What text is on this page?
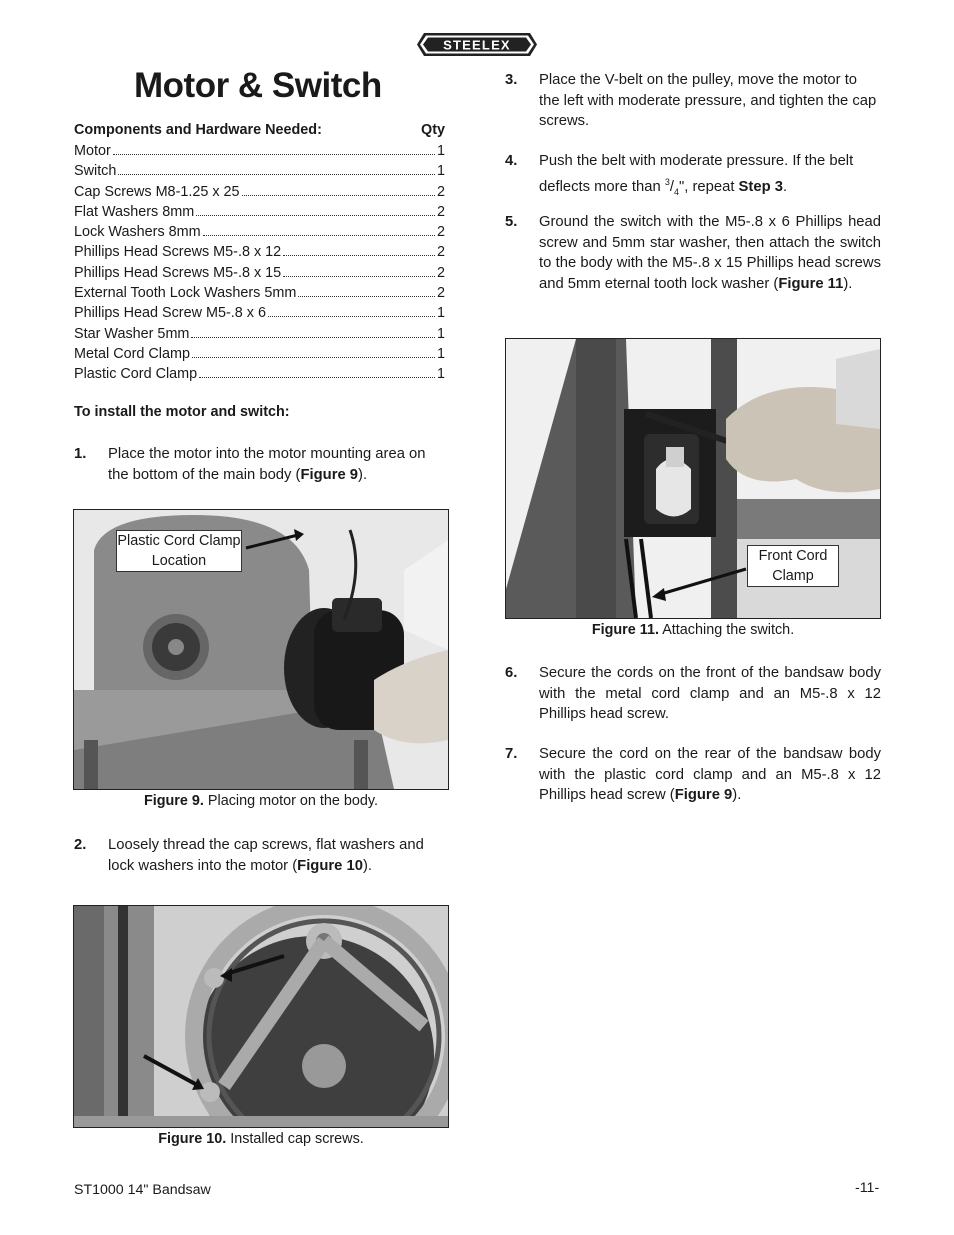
STEELEX
Motor & Switch
Components and Hardware Needed:	Qty
Motor	1
Switch	1
Cap Screws M8-1.25 x 25	2
Flat Washers 8mm	2
Lock Washers 8mm	2
Phillips Head Screws M5-.8 x 12	2
Phillips Head Screws M5-.8 x 15	2
External Tooth Lock Washers 5mm	2
Phillips Head Screw M5-.8 x 6	1
Star Washer 5mm	1
Metal Cord Clamp	1
Plastic Cord Clamp	1
To install the motor and switch:
1.	Place the motor into the motor mounting area on the bottom of the main body (Figure 9).
Plastic Cord Clamp Location
Figure 9. Placing motor on the body.
2.	Loosely thread the cap screws, flat washers and lock washers into the motor (Figure 10).
Figure 10. Installed cap screws.
3.	Place the V-belt on the pulley, move the motor to the left with moderate pressure, and tighten the cap screws.
4.	Push the belt with moderate pressure. If the belt deflects more than $^3/_4$", repeat Step 3.
5.	Ground the switch with the M5-.8 x 6 Phillips head screw and 5mm star washer, then attach the switch to the body with the M5-.8 x 15 Phillips head screws and 5mm eternal tooth lock washer (Figure 11).
Front Cord Clamp
Figure 11. Attaching the switch.
6.	Secure the cords on the front of the bandsaw body with the metal cord clamp and an M5-.8 x 12 Phillips head screw.
7.	Secure the cord on the rear of the bandsaw body with the plastic cord clamp and an M5-.8 x 12 Phillips head screw (Figure 9).
ST1000 14" Bandsaw	-11-
